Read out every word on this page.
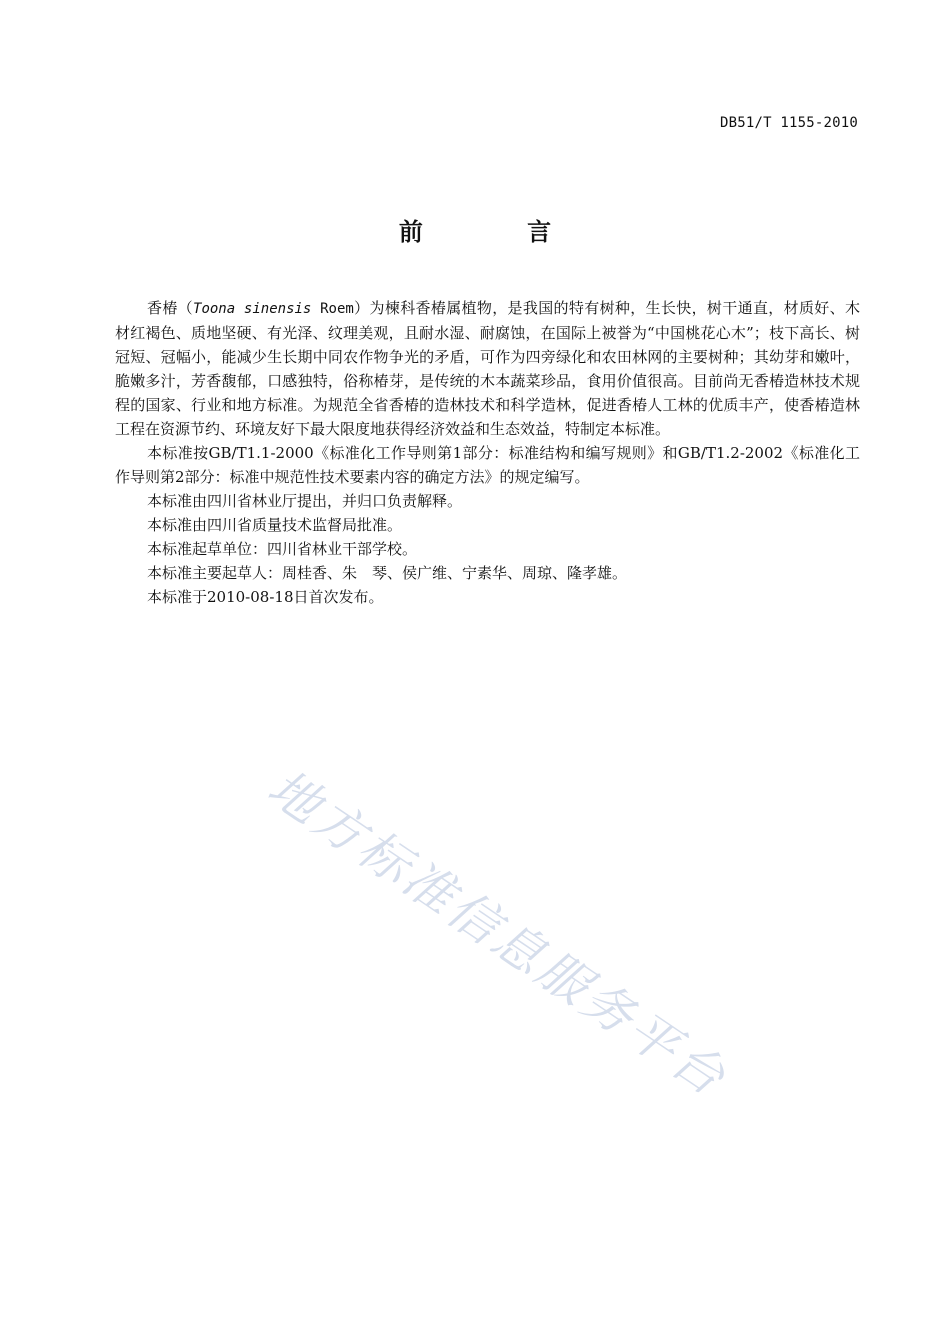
DB51/T 1155-2010
前 言

香椿（Toona sinensis Roem）为楝科香椿属植物，是我国的特有树种，生长快，树干通直，材质好、木材红褐色、质地坚硬、有光泽、纹理美观，且耐水湿、耐腐蚀，在国际上被誉为“中国桃花心木”；枝下高长、树冠短、冠幅小，能减少生长期中同农作物争光的矛盾，可作为四旁绿化和农田林网的主要树种；其幼芽和嫩叶，脆嫩多汁，芳香馥郁，口感独特，俗称椿芽，是传统的木本蔬菜珍品，食用价值很高。目前尚无香椿造林技术规程的国家、行业和地方标准。为规范全省香椿的造林技术和科学造林，促进香椿人工林的优质丰产，使香椿造林工程在资源节约、环境友好下最大限度地获得经济效益和生态效益，特制定本标准。

本标准按GB/T1.1-2000《标准化工作导则第1部分：标准结构和编写规则》和GB/T1.2-2002《标准化工作导则第2部分：标准中规范性技术要素内容的确定方法》的规定编写。

本标准由四川省林业厅提出，并归口负责解释。

本标准由四川省质量技术监督局批准。

本标准起草单位：四川省林业干部学校。

本标准主要起草人：周桂香、朱　琴、侯广维、宁素华、周琼、隆孝雄。

本标准于2010-08-18日首次发布。

地方标准信息服务平台
